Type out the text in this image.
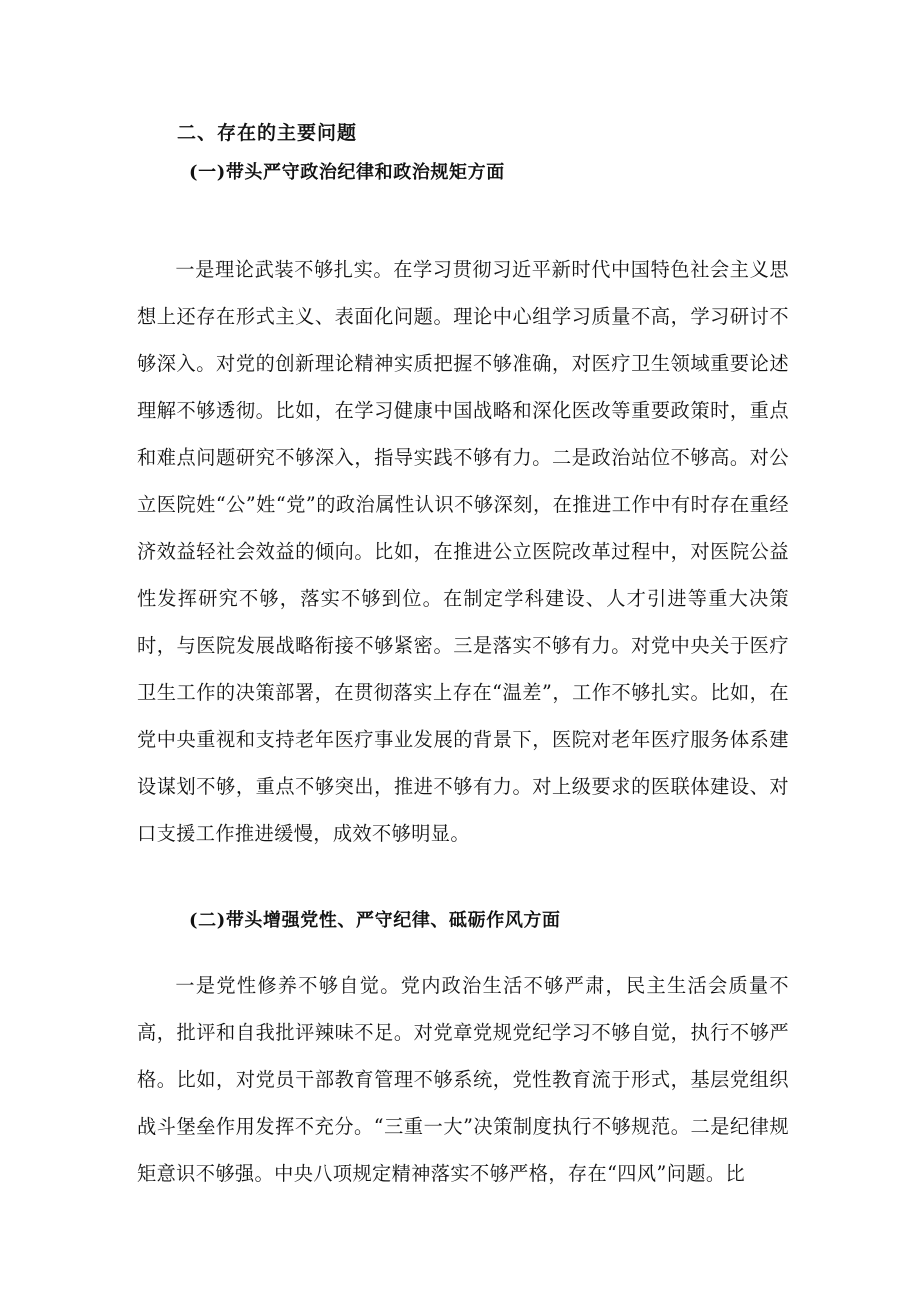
二、存在的主要问题
(一)带头严守政治纪律和政治规矩方面

一是理论武装不够扎实。在学习贯彻习近平新时代中国特色社会主义思想上还存在形式主义、表面化问题。理论中心组学习质量不高，学习研讨不够深入。对党的创新理论精神实质把握不够准确，对医疗卫生领域重要论述理解不够透彻。比如，在学习健康中国战略和深化医改等重要政策时，重点和难点问题研究不够深入，指导实践不够有力。二是政治站位不够高。对公立医院姓“公”姓“党”的政治属性认识不够深刻，在推进工作中有时存在重经济效益轻社会效益的倾向。比如，在推进公立医院改革过程中，对医院公益性发挥研究不够，落实不够到位。在制定学科建设、人才引进等重大决策时，与医院发展战略衔接不够紧密。三是落实不够有力。对党中央关于医疗卫生工作的决策部署，在贯彻落实上存在“温差”，工作不够扎实。比如，在党中央重视和支持老年医疗事业发展的背景下，医院对老年医疗服务体系建设谋划不够，重点不够突出，推进不够有力。对上级要求的医联体建设、对口支援工作推进缓慢，成效不够明显。

(二)带头增强党性、严守纪律、砥砺作风方面

一是党性修养不够自觉。党内政治生活不够严肃，民主生活会质量不高，批评和自我批评辣味不足。对党章党规党纪学习不够自觉，执行不够严格。比如，对党员干部教育管理不够系统，党性教育流于形式，基层党组织战斗堡垒作用发挥不充分。“三重一大”决策制度执行不够规范。二是纪律规矩意识不够强。中央八项规定精神落实不够严格，存在“四风”问题。比
